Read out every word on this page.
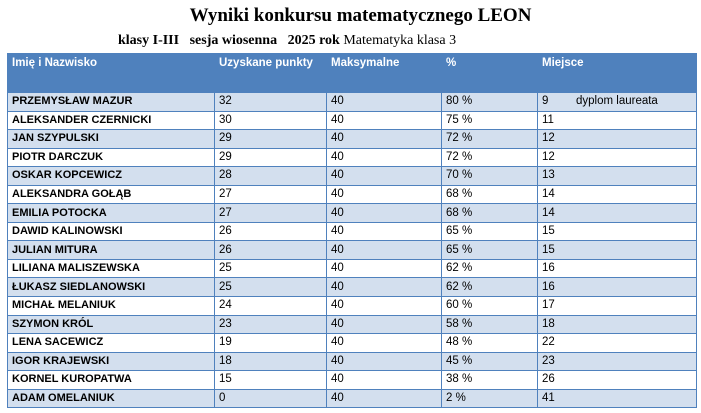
Wyniki konkursu matematycznego LEON
klasy I-III   sesja wiosenna   2025 rok Matematyka klasa 3
Imię i Nazwisko	Uzyskane punkty	Maksymalne	%	Miejsce
PRZEMYSŁAW MAZUR	32	40	80 %	9 dyplom laureata
ALEKSANDER CZERNICKI	30	40	75 %	11
JAN SZYPULSKI	29	40	72 %	12
PIOTR DARCZUK	29	40	72 %	12
OSKAR KOPCEWICZ	28	40	70 %	13
ALEKSANDRA GOŁĄB	27	40	68 %	14
EMILIA POTOCKA	27	40	68 %	14
DAWID KALINOWSKI	26	40	65 %	15
JULIAN MITURA	26	40	65 %	15
LILIANA MALISZEWSKA	25	40	62 %	16
ŁUKASZ SIEDLANOWSKI	25	40	62 %	16
MICHAŁ MELANIUK	24	40	60 %	17
SZYMON KRÓL	23	40	58 %	18
LENA SACEWICZ	19	40	48 %	22
IGOR KRAJEWSKI	18	40	45 %	23
KORNEL KUROPATWA	15	40	38 %	26
ADAM OMELANIUK	0	40	2 %	41
